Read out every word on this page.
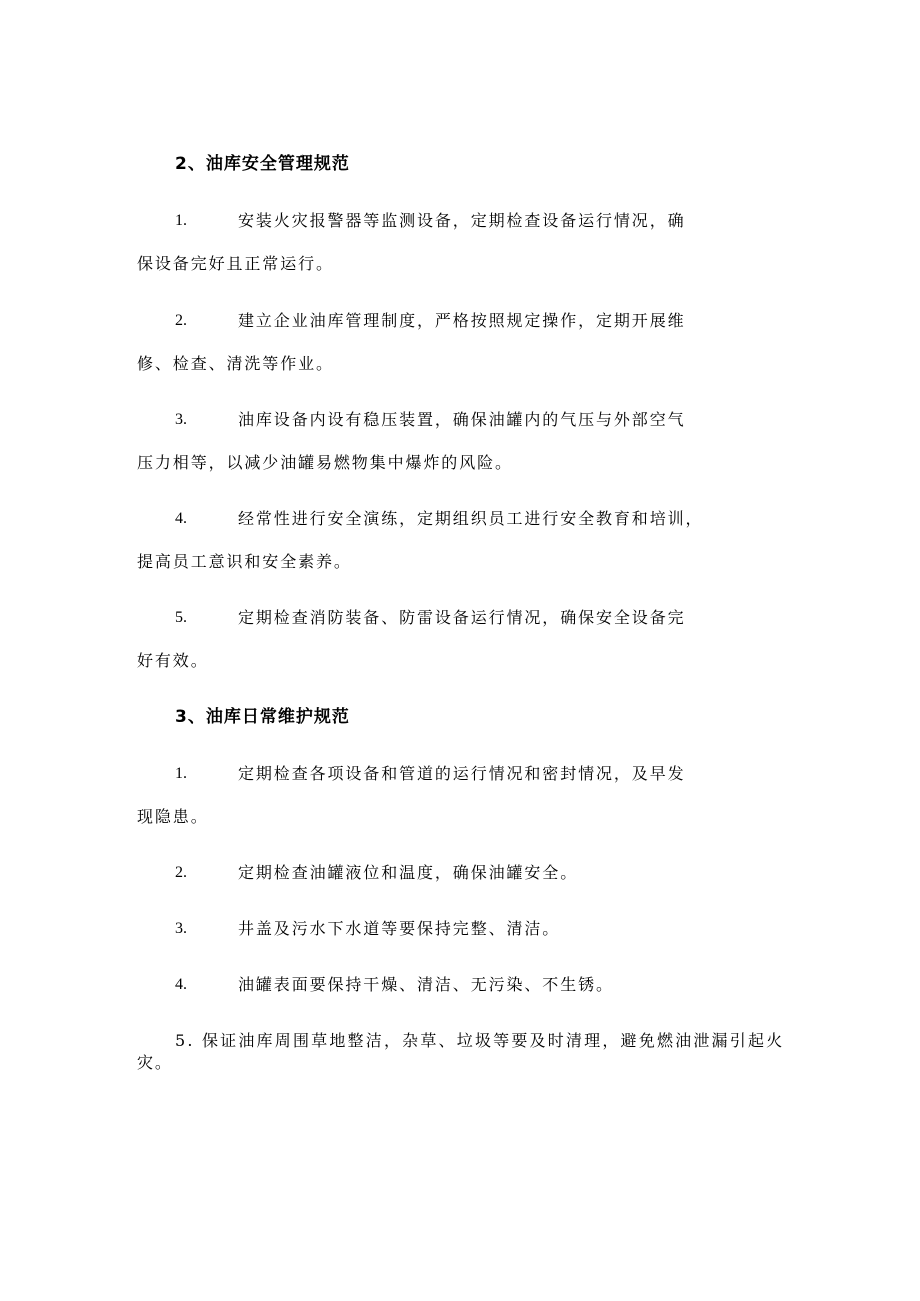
2、油库安全管理规范
1.	安装火灾报警器等监测设备，定期检查设备运行情况，确
保设备完好且正常运行。
2.	建立企业油库管理制度，严格按照规定操作，定期开展维
修、检查、清洗等作业。
3.	油库设备内设有稳压装置，确保油罐内的气压与外部空气
压力相等，以减少油罐易燃物集中爆炸的风险。
4.	经常性进行安全演练，定期组织员工进行安全教育和培训，
提高员工意识和安全素养。
5.	定期检查消防装备、防雷设备运行情况，确保安全设备完
好有效。
3、油库日常维护规范
1.	定期检查各项设备和管道的运行情况和密封情况，及早发
现隐患。
2.	定期检查油罐液位和温度，确保油罐安全。
3.	井盖及污水下水道等要保持完整、清洁。
4.	油罐表面要保持干燥、清洁、无污染、不生锈。
5. 保证油库周围草地整洁，杂草、垃圾等要及时清理，避免燃油泄漏引起火
灾。
